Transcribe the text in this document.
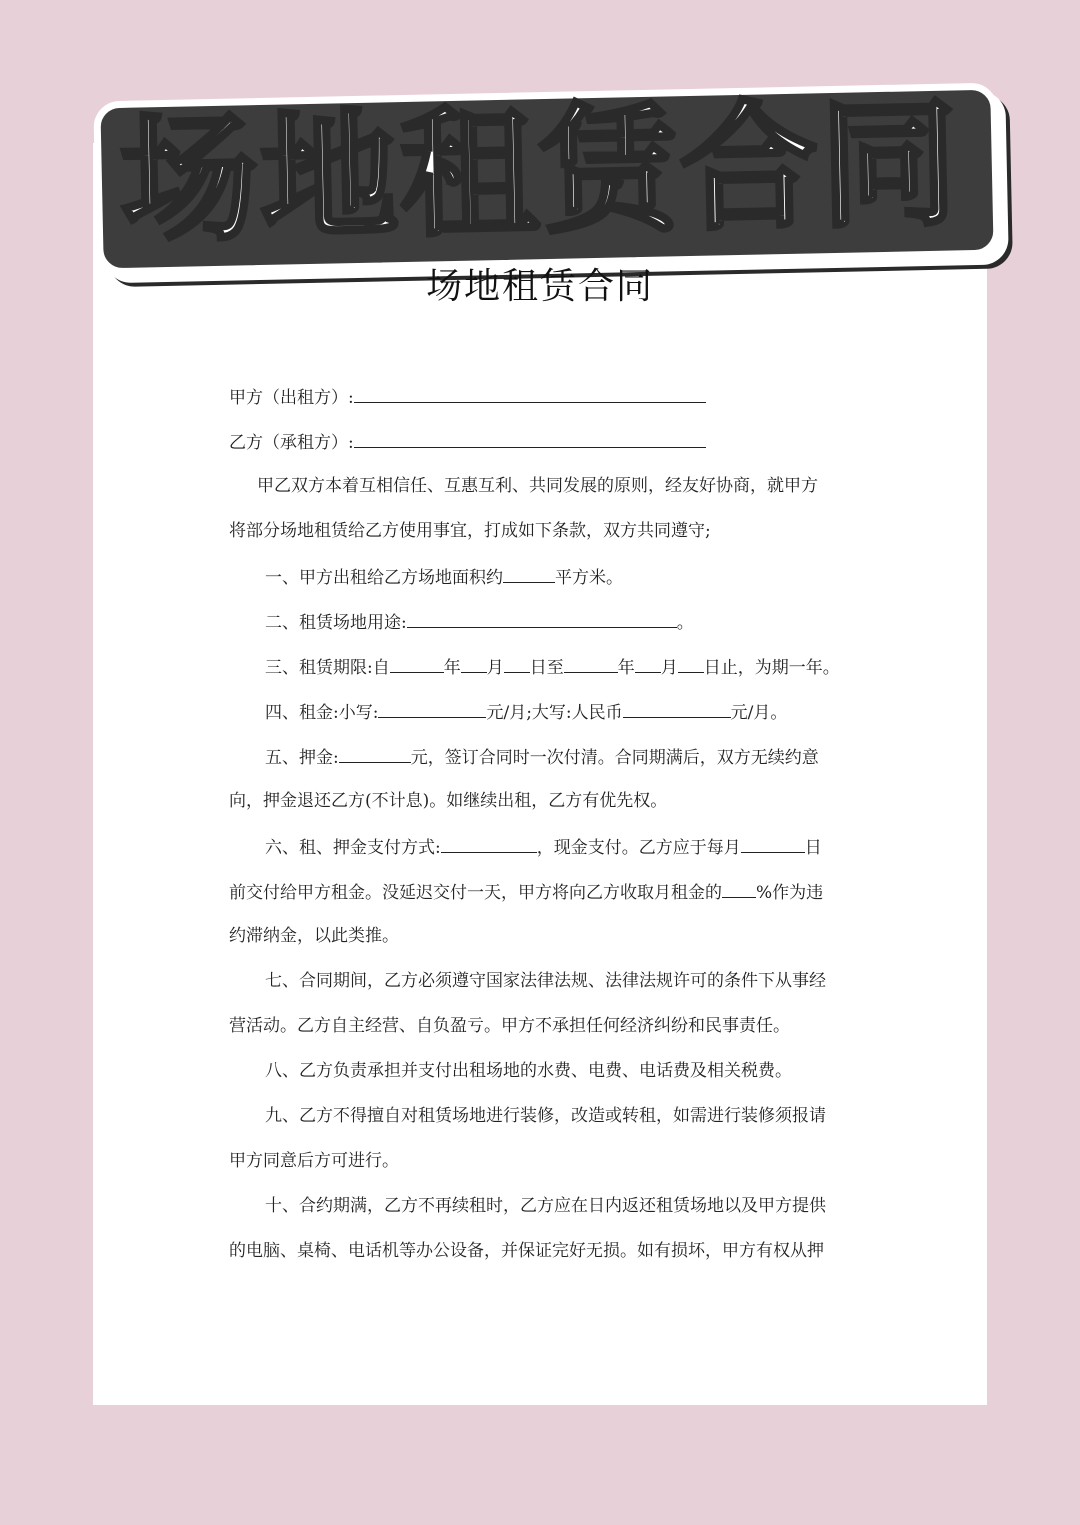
场地租赁合同
场地租赁合同
甲方（出租方）:
乙方（承租方）:
甲乙双方本着互相信任、互惠互利、共同发展的原则，经友好协商，就甲方
将部分场地租赁给乙方使用事宜，打成如下条款，双方共同遵守;
一、甲方出租给乙方场地面积约	平方米。
二、租赁场地用途:	。
三、租赁期限:自	年 月 日至	年 月 日止，为期一年。
四、租金:小写:	元/月;大写:人民币	元/月。
五、押金:	元，签订合同时一次付清。合同期满后，双方无续约意
向，押金退还乙方(不计息)。如继续出租，乙方有优先权。
六、租、押金支付方式:	，现金支付。乙方应于每月	日
前交付给甲方租金。没延迟交付一天，甲方将向乙方收取月租金的 %作为违
约滞纳金，以此类推。
七、合同期间，乙方必须遵守国家法律法规、法律法规许可的条件下从事经
营活动。乙方自主经营、自负盈亏。甲方不承担任何经济纠纷和民事责任。
八、乙方负责承担并支付出租场地的水费、电费、电话费及相关税费。
九、乙方不得擅自对租赁场地进行装修，改造或转租，如需进行装修须报请
甲方同意后方可进行。
十、合约期满，乙方不再续租时，乙方应在日内返还租赁场地以及甲方提供
的电脑、桌椅、电话机等办公设备，并保证完好无损。如有损坏，甲方有权从押
